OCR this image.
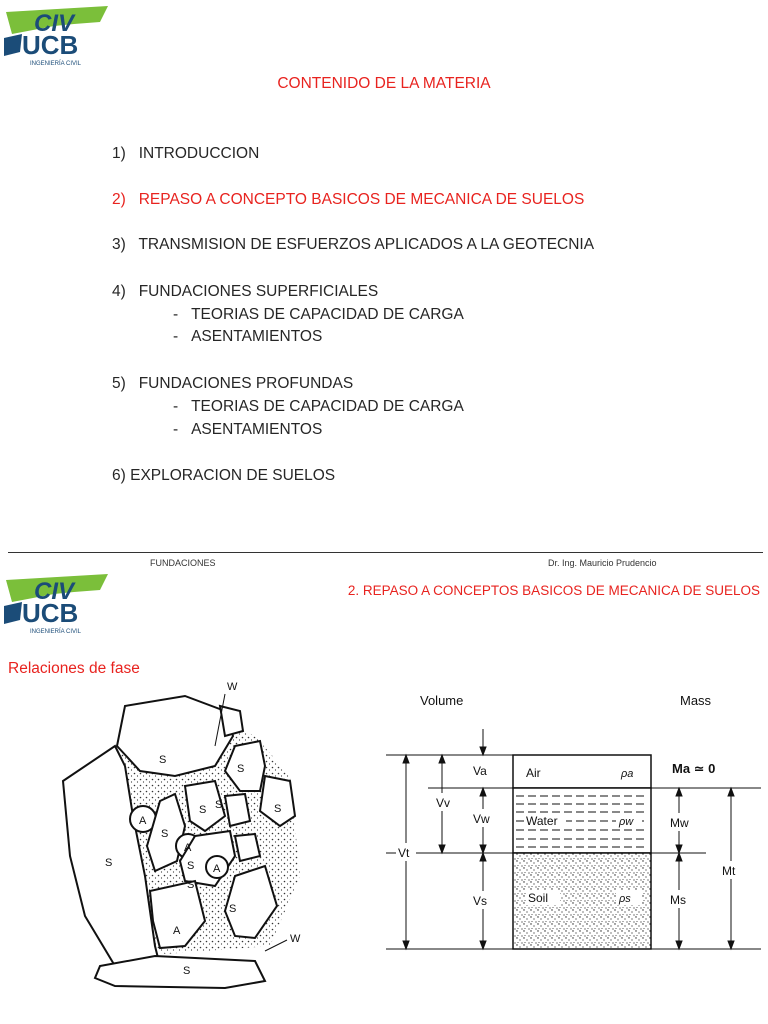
CIV
UCB
INGENIERÍA CIVIL
CONTENIDO DE LA MATERIA
1) INTRODUCCION
2) REPASO A CONCEPTO BASICOS DE MECANICA DE SUELOS
3) TRANSMISION DE ESFUERZOS APLICADOS A LA GEOTECNIA
4) FUNDACIONES SUPERFICIALES
-   TEORIAS DE CAPACIDAD DE CARGA
-   ASENTAMIENTOS
5) FUNDACIONES PROFUNDAS
-   TEORIAS DE CAPACIDAD DE CARGA
-   ASENTAMIENTOS
6) EXPLORACION DE SUELOS
FUNDACIONES	Dr. Ing. Mauricio Prudencio
CIV
UCB
INGENIERÍA CIVIL
2. REPASO A CONCEPTOS BASICOS DE MECANICA DE SUELOS
Relaciones de fase
W
S
S
S
S S
A
S
A
S
S	A
S
S
A
S
W
Volume	Mass
Air	ρa
Water	ρw
Soil	ρs
Va
Vv
Vw
Vt
Vs
Ma ≃ 0
Mw
Ms
Mt
